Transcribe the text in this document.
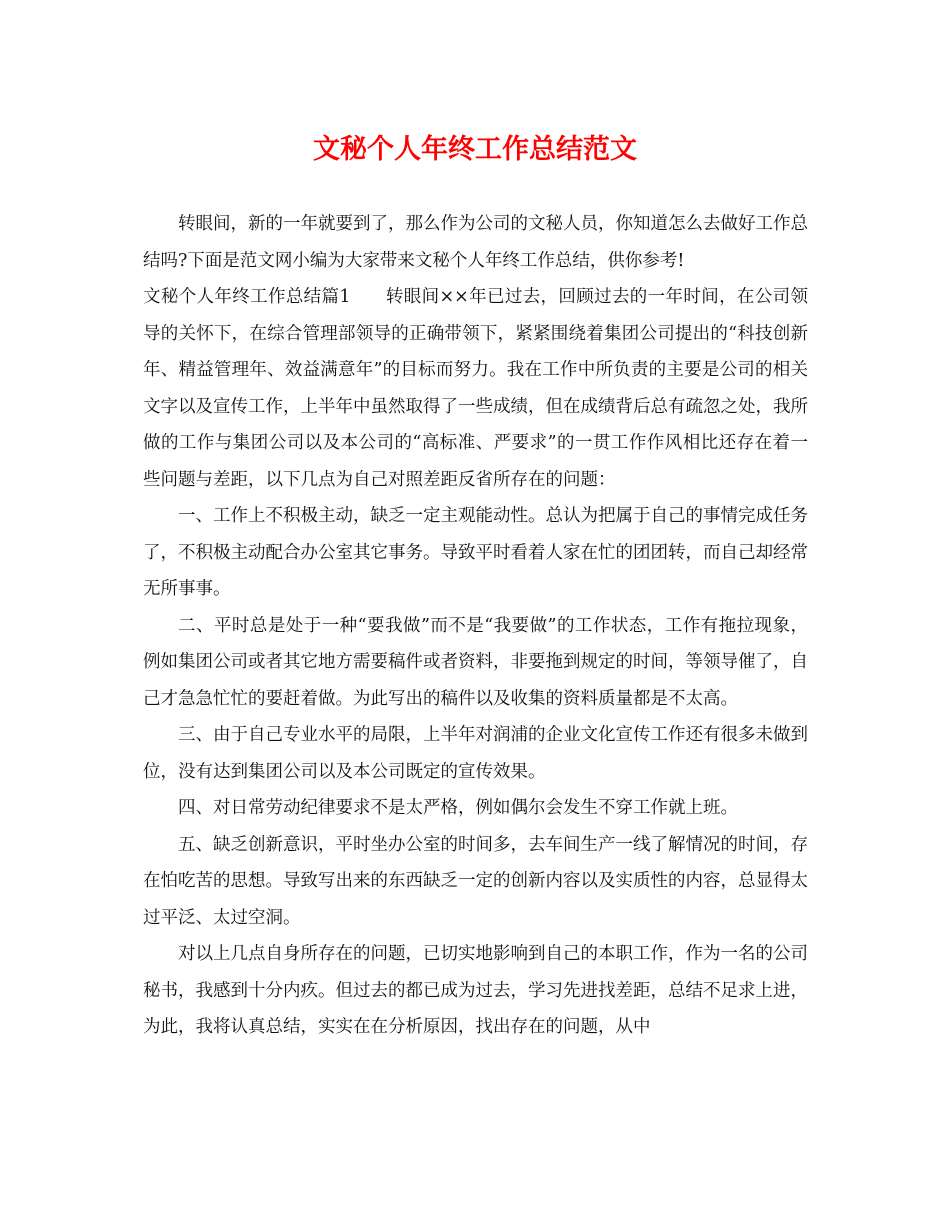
文秘个人年终工作总结范文

转眼间，新的一年就要到了，那么作为公司的文秘人员，你知道怎么去做好工作总结吗?下面是范文网小编为大家带来文秘个人年终工作总结，供你参考!

文秘个人年终工作总结篇1 转眼间××年已过去，回顾过去的一年时间，在公司领导的关怀下，在综合管理部领导的正确带领下，紧紧围绕着集团公司提出的“科技创新年、精益管理年、效益满意年”的目标而努力。我在工作中所负责的主要是公司的相关文字以及宣传工作，上半年中虽然取得了一些成绩，但在成绩背后总有疏忽之处，我所做的工作与集团公司以及本公司的“高标准、严要求”的一贯工作作风相比还存在着一些问题与差距，以下几点为自己对照差距反省所存在的问题：

一、工作上不积极主动，缺乏一定主观能动性。总认为把属于自己的事情完成任务了，不积极主动配合办公室其它事务。导致平时看着人家在忙的团团转，而自己却经常无所事事。

二、平时总是处于一种“要我做”而不是“我要做”的工作状态，工作有拖拉现象，例如集团公司或者其它地方需要稿件或者资料，非要拖到规定的时间，等领导催了，自己才急急忙忙的要赶着做。为此写出的稿件以及收集的资料质量都是不太高。

三、由于自己专业水平的局限，上半年对润浦的企业文化宣传工作还有很多未做到位，没有达到集团公司以及本公司既定的宣传效果。

四、对日常劳动纪律要求不是太严格，例如偶尔会发生不穿工作就上班。

五、缺乏创新意识，平时坐办公室的时间多，去车间生产一线了解情况的时间，存在怕吃苦的思想。导致写出来的东西缺乏一定的创新内容以及实质性的内容，总显得太过平泛、太过空洞。

对以上几点自身所存在的问题，已切实地影响到自己的本职工作，作为一名的公司秘书，我感到十分内疚。但过去的都已成为过去，学习先进找差距，总结不足求上进，为此，我将认真总结，实实在在分析原因，找出存在的问题，从中
